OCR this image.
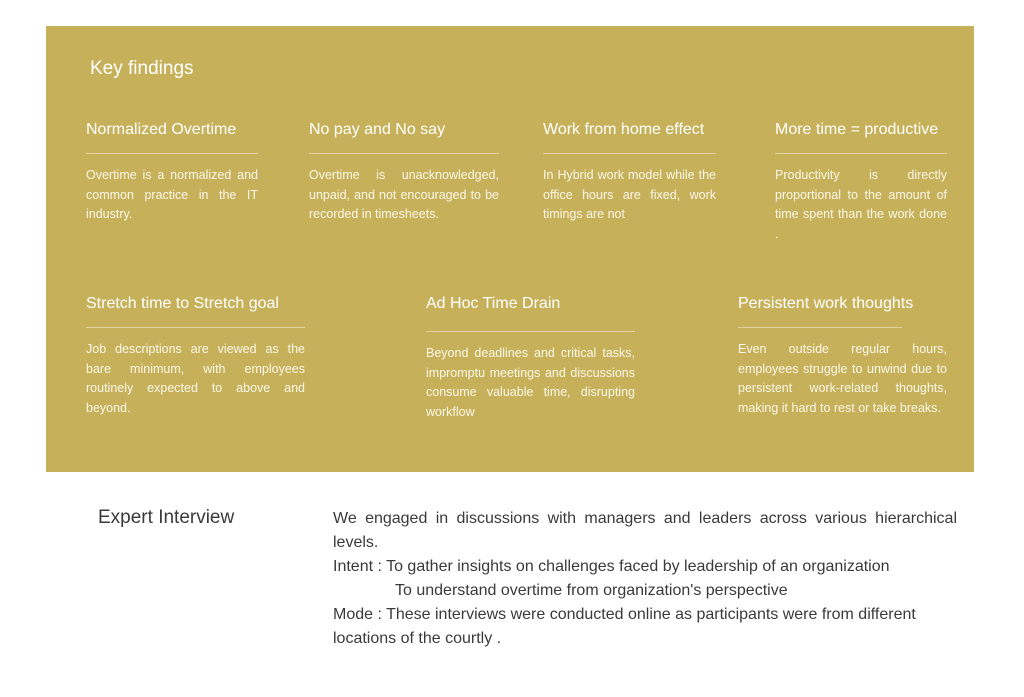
Key findings
Normalized Overtime

Overtime is a normalized and common practice in the IT industry.

No pay and No say

Overtime is unacknowledged, unpaid, and not encouraged to be recorded in timesheets.

Work from home effect

In Hybrid work model while the office hours are fixed, work timings are not

More time = productive

Productivity is directly proportional to the amount of time spent than the work done .

Stretch time to Stretch goal

Job descriptions are viewed as the bare minimum, with employees routinely expected to above and beyond.

Ad Hoc Time Drain

Beyond deadlines and critical tasks, impromptu meetings and discussions consume valuable time, disrupting workflow

Persistent work thoughts

Even outside regular hours, employees struggle to unwind due to persistent work-related thoughts, making it hard to rest or take breaks.

Expert Interview	We engaged in discussions with managers and leaders across various hierarchical levels.

Intent : To gather insights on challenges faced by leadership of an organization

To understand overtime from organization's perspective

Mode : These interviews were conducted online as participants were from different locations of the courtly .
